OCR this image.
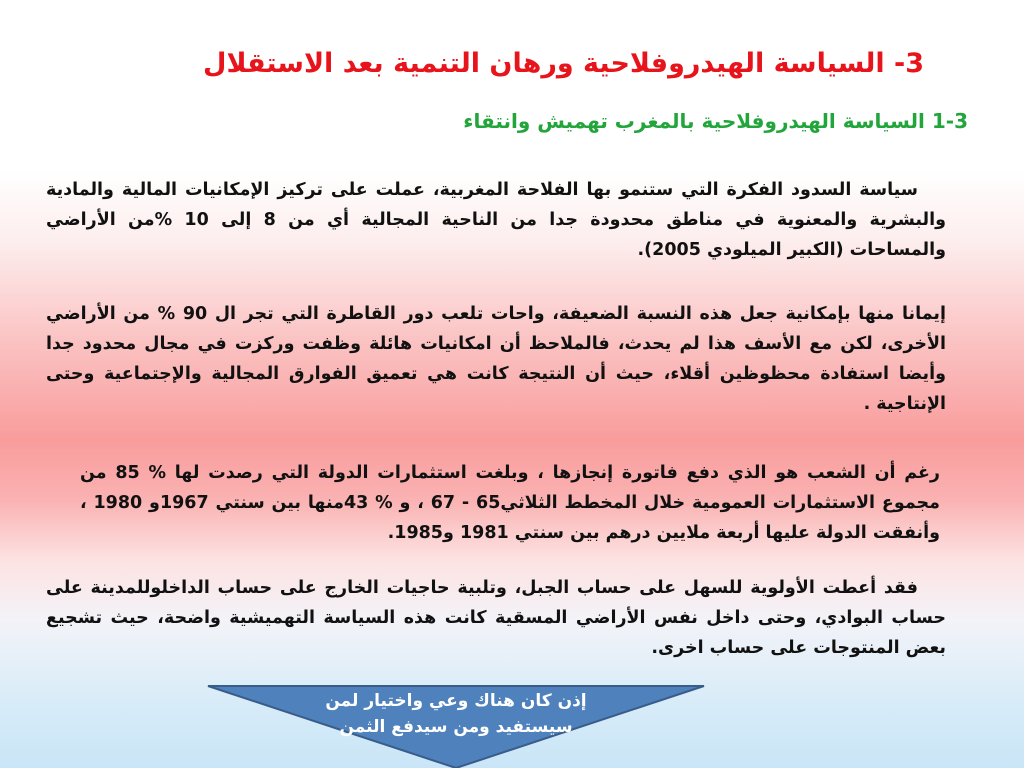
3- السياسة الهيدروفلاحية ورهان التنمية بعد الاستقلال
1-3 السياسة الهيدروفلاحية بالمغرب تهميش وانتقاء

سياسة السدود الفكرة التي ستنمو بها الفلاحة المغربية، عملت على تركيز الإمكانيات المالية والمادية والبشرية والمعنوية في مناطق محدودة جدا من الناحية المجالية أي من 8 إلى 10 %من الأراضي والمساحات (الكبير الميلودي 2005).

إيمانا منها بإمكانية جعل هذه النسبة الضعيفة، واحات تلعب دور القاطرة التي تجر ال 90 % من الأراضي الأخرى، لكن مع الأسف هذا لم يحدث، فالملاحظ أن امكانيات هائلة وظفت وركزت في مجال محدود جدا وأيضا استفادة محظوظين أقلاء، حيث أن النتيجة كانت هي تعميق الفوارق المجالية والإجتماعية وحتى الإنتاجية .

رغم أن الشعب هو الذي دفع فاتورة إنجازها ، وبلغت استثمارات الدولة التي رصدت لها % 85 من مجموع الاستثمارات العمومية خلال المخطط الثلاثي65 - 67 ، و % 43منها بين سنتي 1967و 1980 ، وأنفقت الدولة عليها أربعة ملايين درهم بين سنتي 1981 و1985.

فقد أعطت الأولوية للسهل على حساب الجبل، وتلبية حاجيات الخارج على حساب الداخلوللمدينة على حساب البوادي، وحتى داخل نفس الأراضي المسقية كانت هذه السياسة التهميشية واضحة، حيث تشجيع بعض المنتوجات على حساب اخرى.

إذن كان هناك وعي واختيار لمن
سيستفيد ومن سيدفع الثمن
